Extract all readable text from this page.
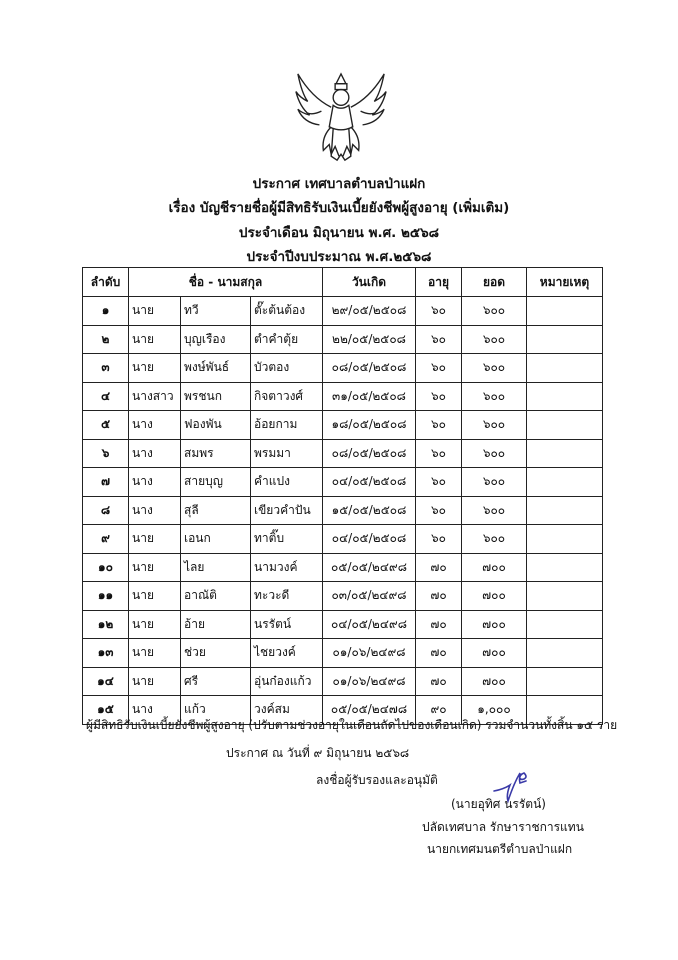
ประกาศ เทศบาลตำบลป่าแฝก
เรื่อง บัญชีรายชื่อผู้มีสิทธิรับเงินเบี้ยยังชีพผู้สูงอายุ (เพิ่มเติม)
ประจำเดือน มิถุนายน พ.ศ. ๒๕๖๘
ประจำปีงบประมาณ พ.ศ.๒๕๖๘
ลำดับ	ชื่อ - นามสกุล			วันเกิด	อายุ	ยอด	หมายเหตุ
๑	นาย	ทวี	ตั๊ะต้นต้อง	๒๙/๐๕/๒๕๐๘	๖๐	๖๐๐	
๒	นาย	บุญเรือง	ตำคำตุ้ย	๒๒/๐๕/๒๕๐๘	๖๐	๖๐๐	
๓	นาย	พงษ์พันธ์	บัวตอง	๐๘/๐๕/๒๕๐๘	๖๐	๖๐๐	
๔	นางสาว	พรชนก	กิจตาวงศ์	๓๑/๐๕/๒๕๐๘	๖๐	๖๐๐	
๕	นาง	ฟองพัน	อ้อยกาม	๑๘/๐๕/๒๕๐๘	๖๐	๖๐๐	
๖	นาง	สมพร	พรมมา	๐๘/๐๕/๒๕๐๘	๖๐	๖๐๐	
๗	นาง	สายบุญ	คำแปง	๐๔/๐๕/๒๕๐๘	๖๐	๖๐๐	
๘	นาง	สุลี	เขียวคำปัน	๑๕/๐๕/๒๕๐๘	๖๐	๖๐๐	
๙	นาย	เอนก	ทาติ๊บ	๐๔/๐๕/๒๕๐๘	๖๐	๖๐๐	
๑๐	นาย	ไลย	นามวงค์	๐๕/๐๕/๒๔๙๘	๗๐	๗๐๐	
๑๑	นาย	อาณัติ	ทะวะดี	๐๓/๐๕/๒๔๙๘	๗๐	๗๐๐	
๑๒	นาย	อ้าย	นรรัตน์	๐๔/๐๕/๒๔๙๘	๗๐	๗๐๐	
๑๓	นาย	ช่วย	ไชยวงค์	๐๑/๐๖/๒๔๙๘	๗๐	๗๐๐	
๑๔	นาย	ศรี	อุ่นก๋องแก้ว	๐๑/๐๖/๒๔๙๘	๗๐	๗๐๐	
๑๕	นาง	แก้ว	วงค์สม	๐๕/๐๕/๒๔๗๘	๙๐	๑,๐๐๐	
ผู้มีสิทธิรับเงินเบี้ยยังชีพผู้สูงอายุ (ปรับตามช่วงอายุในเดือนถัดไปของเดือนเกิด) รวมจำนวนทั้งสิ้น ๑๕ ราย
ประกาศ ณ วันที่ ๙ มิถุนายน ๒๕๖๘
ลงชื่อผู้รับรองและอนุมัติ
(นายอุทิศ นรรัตน์)
ปลัดเทศบาล รักษาราชการแทน
นายกเทศมนตรีตำบลป่าแฝก
